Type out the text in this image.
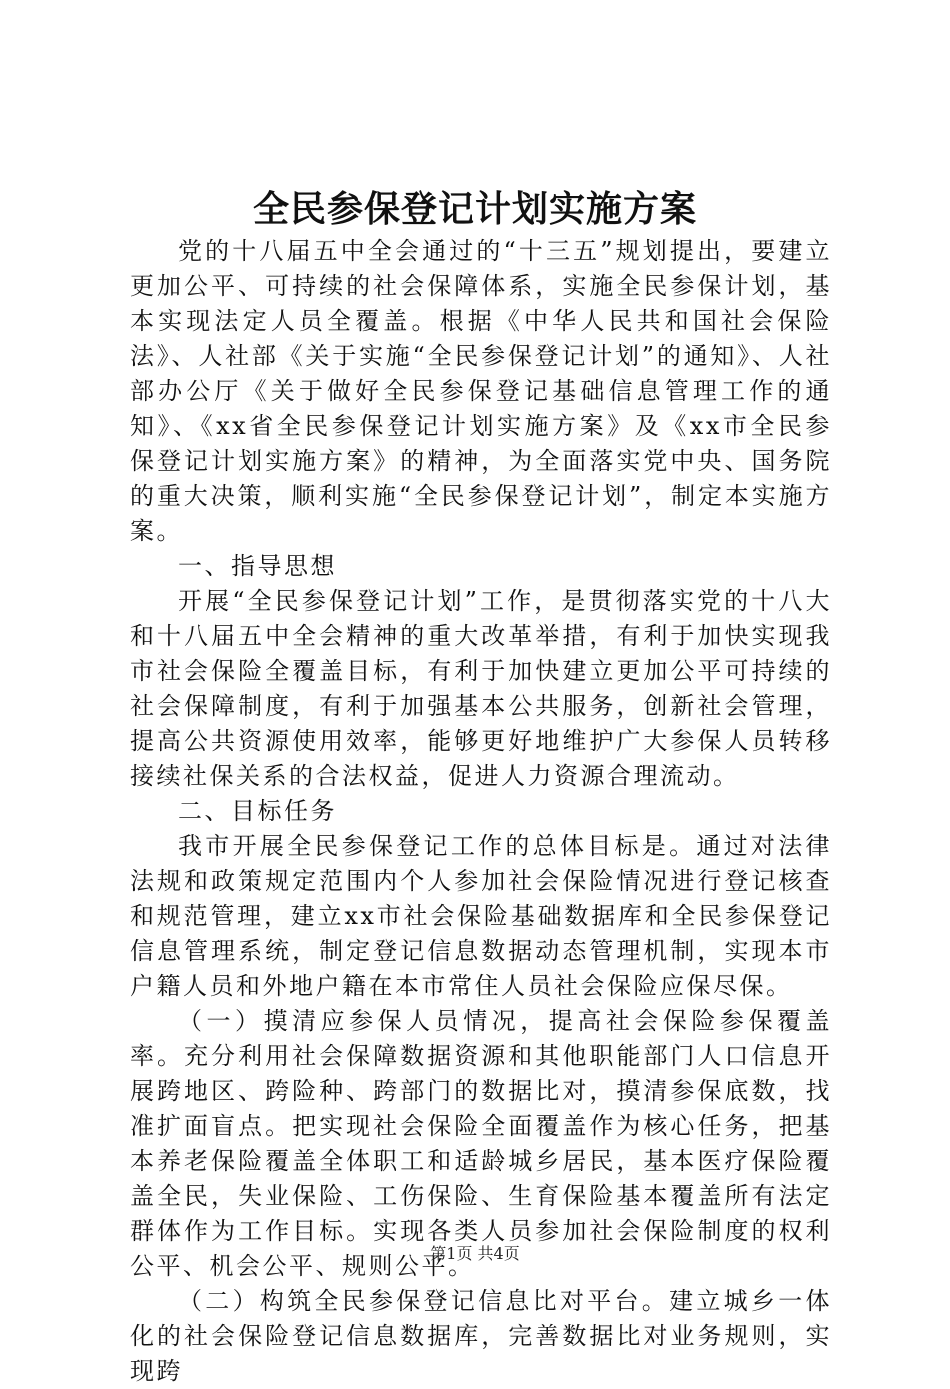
全民参保登记计划实施方案

党的十八届五中全会通过的“十三五”规划提出，要建立更加公平、可持续的社会保障体系，实施全民参保计划，基本实现法定人员全覆盖。根据《中华人民共和国社会保险法》、人社部《关于实施“全民参保登记计划”的通知》、人社部办公厅《关于做好全民参保登记基础信息管理工作的通知》、《xx省全民参保登记计划实施方案》及《xx市全民参保登记计划实施方案》的精神，为全面落实党中央、国务院的重大决策，顺利实施“全民参保登记计划”，制定本实施方案。

一、指导思想

开展“全民参保登记计划”工作，是贯彻落实党的十八大和十八届五中全会精神的重大改革举措，有利于加快实现我市社会保险全覆盖目标，有利于加快建立更加公平可持续的社会保障制度，有利于加强基本公共服务，创新社会管理，提高公共资源使用效率，能够更好地维护广大参保人员转移接续社保关系的合法权益，促进人力资源合理流动。

二、目标任务

我市开展全民参保登记工作的总体目标是。通过对法律法规和政策规定范围内个人参加社会保险情况进行登记核查和规范管理，建立xx市社会保险基础数据库和全民参保登记信息管理系统，制定登记信息数据动态管理机制，实现本市户籍人员和外地户籍在本市常住人员社会保险应保尽保。

（一）摸清应参保人员情况，提高社会保险参保覆盖率。充分利用社会保障数据资源和其他职能部门人口信息开展跨地区、跨险种、跨部门的数据比对，摸清参保底数，找准扩面盲点。把实现社会保险全面覆盖作为核心任务，把基本养老保险覆盖全体职工和适龄城乡居民，基本医疗保险覆盖全民，失业保险、工伤保险、生育保险基本覆盖所有法定群体作为工作目标。实现各类人员参加社会保险制度的权利公平、机会公平、规则公平。

（二）构筑全民参保登记信息比对平台。建立城乡一体化的社会保险登记信息数据库，完善数据比对业务规则，实现跨

第1页 共4页
